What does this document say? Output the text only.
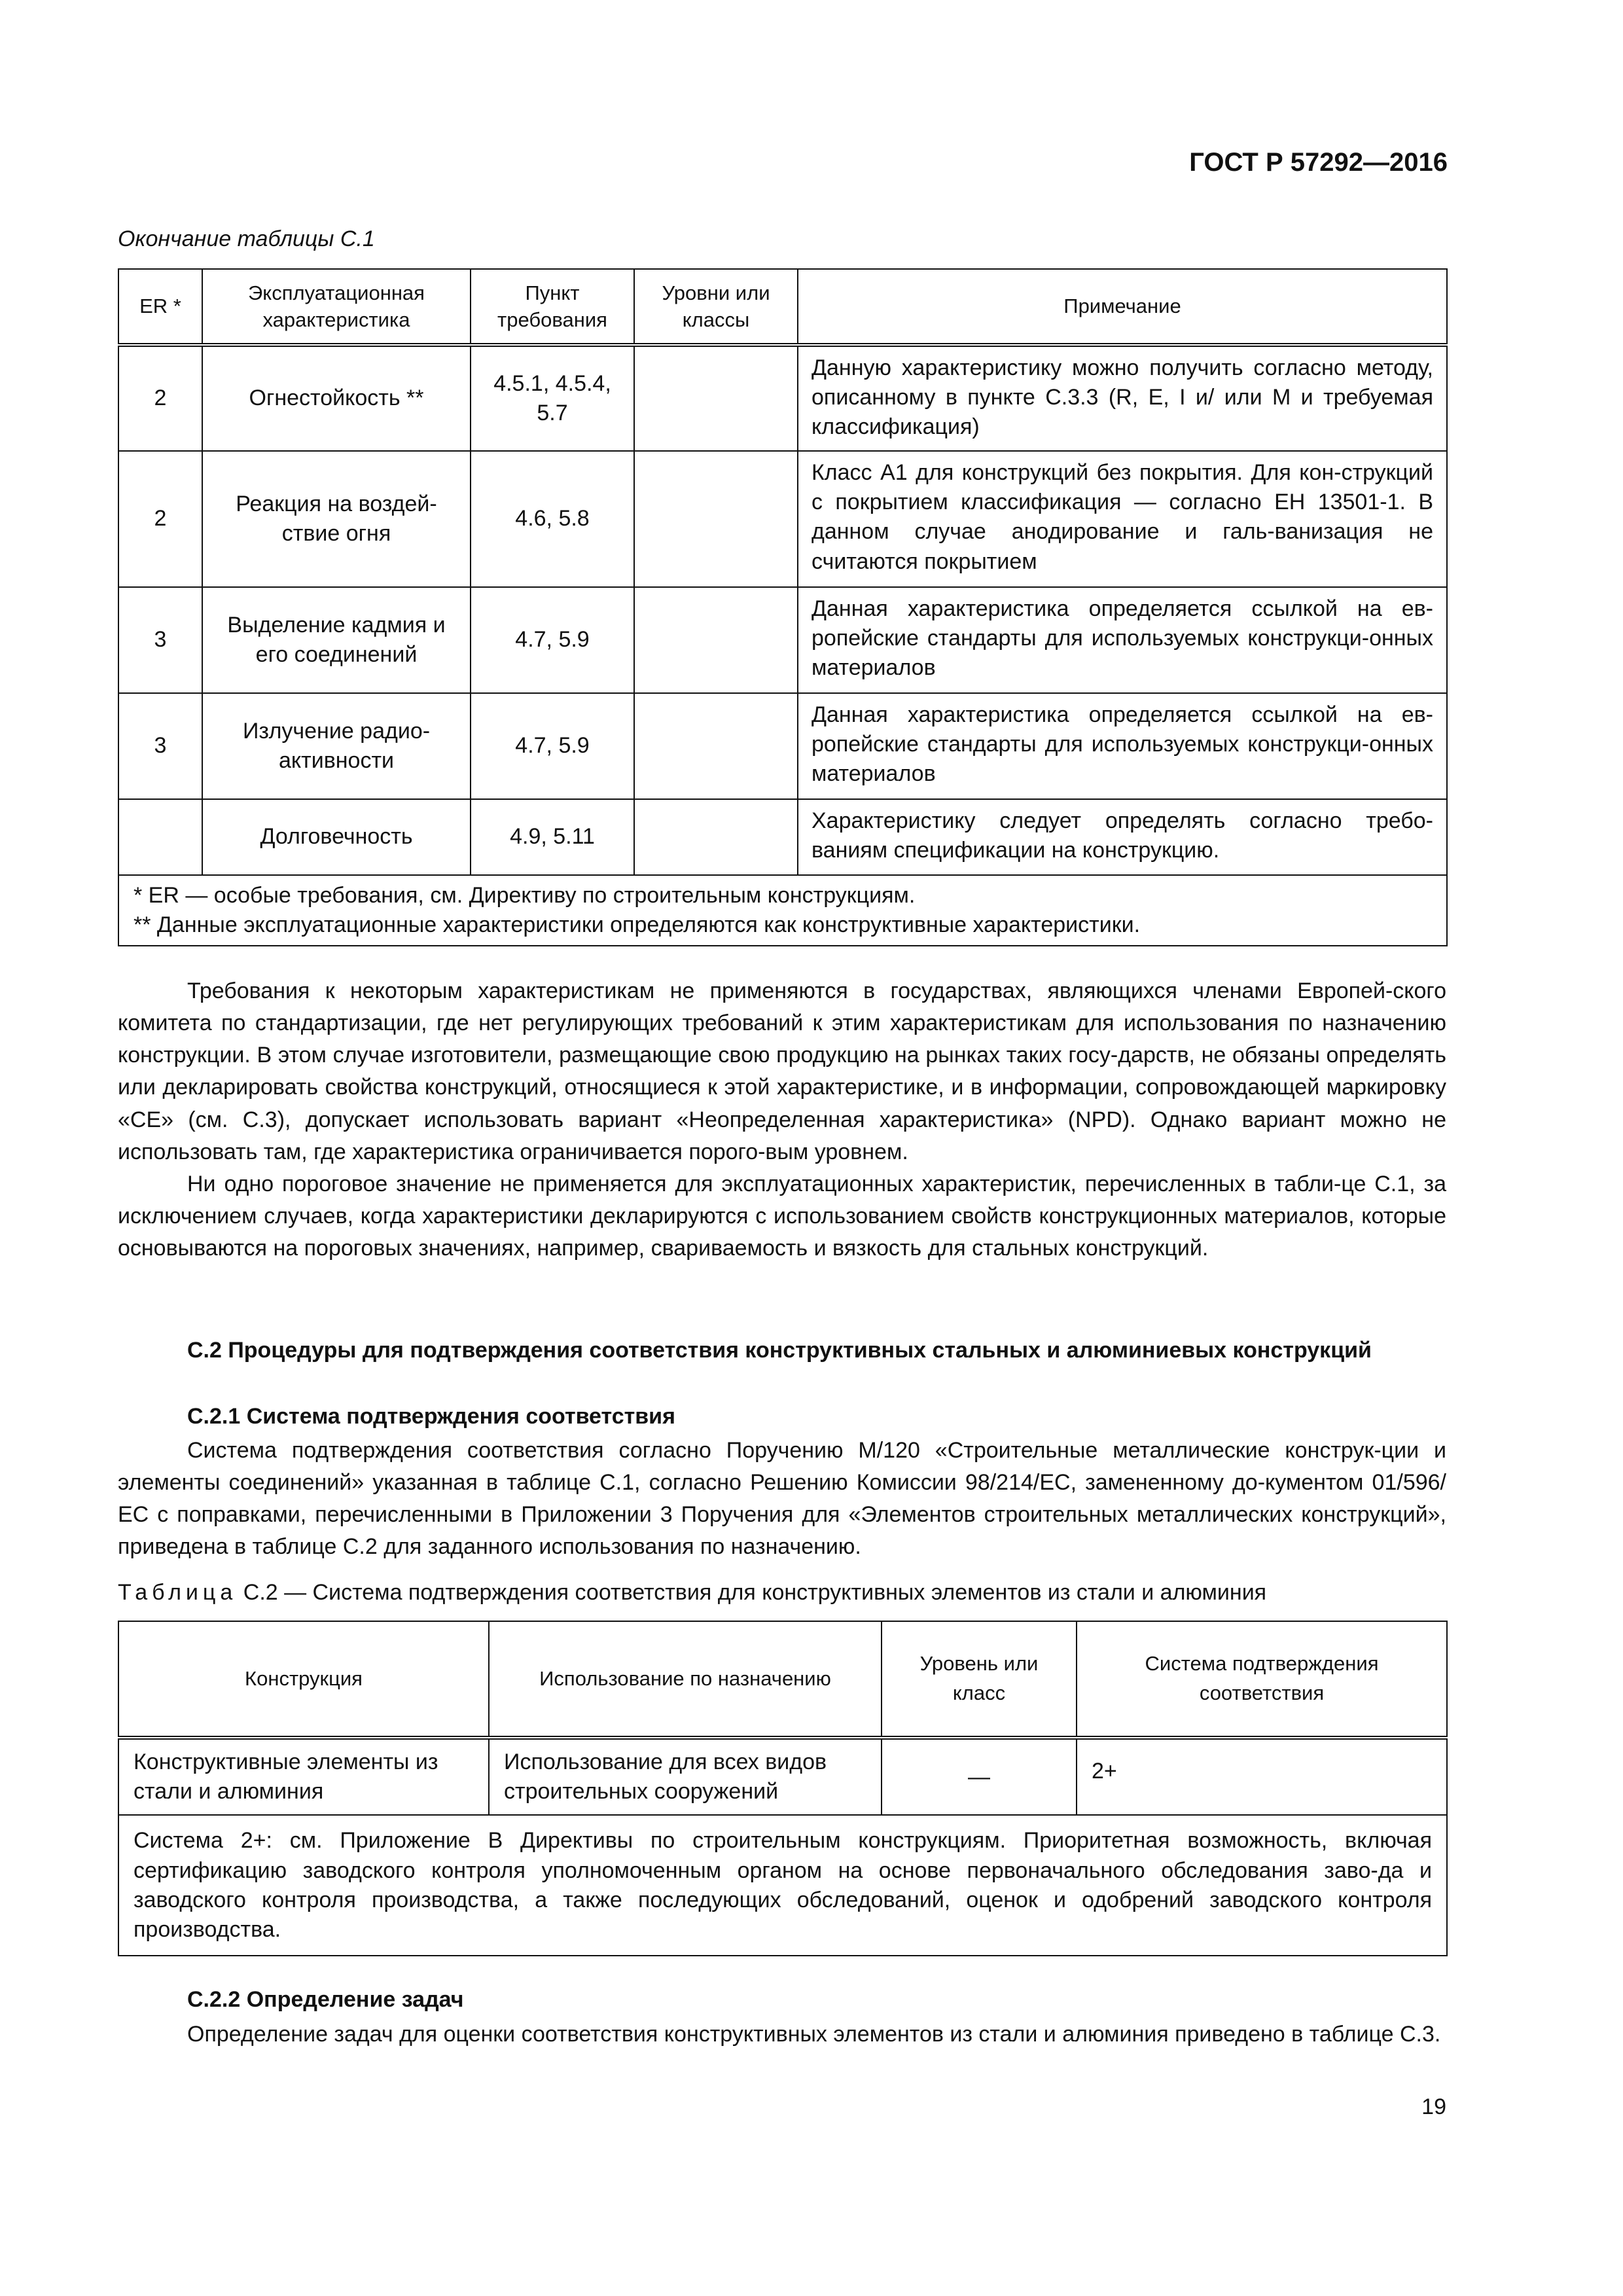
ГОСТ Р 57292—2016
Окончание таблицы С.1
ER *	Эксплуатационная характеристика	Пункт требования	Уровни или классы	Примечание
2	Огнестойкость **	4.5.1, 4.5.4, 5.7		Данную характеристику можно получить согласно методу, описанному в пункте С.3.3 (R, E, I и/ или M и требуемая классификация)
2	Реакция на воздей-ствие огня	4.6, 5.8		Класс А1 для конструкций без покрытия. Для кон-струкций с покрытием классификация — согласно ЕН 13501-1. В данном случае анодирование и галь-ванизация не считаются покрытием
3	Выделение кадмия и его соединений	4.7, 5.9		Данная характеристика определяется ссылкой на ев-ропейские стандарты для используемых конструкци-онных материалов
3	Излучение радио-активности	4.7, 5.9		Данная характеристика определяется ссылкой на ев-ропейские стандарты для используемых конструкци-онных материалов
	Долговечность	4.9, 5.11		Характеристику следует определять согласно требо-ваниям спецификации на конструкцию.

* ER — особые требования, см. Директиву по строительным конструкциям.
** Данные эксплуатационные характеристики определяются как конструктивные характеристики.				

Требования к некоторым характеристикам не применяются в государствах, являющихся членами Европей-ского комитета по стандартизации, где нет регулирующих требований к этим характеристикам для использования по назначению конструкции. В этом случае изготовители, размещающие свою продукцию на рынках таких госу-дарств, не обязаны определять или декларировать свойства конструкций, относящиеся к этой характеристике, и в информации, сопровождающей маркировку «СЕ» (см. С.3), допускает использовать вариант «Неопределенная характеристика» (NPD). Однако вариант можно не использовать там, где характеристика ограничивается порого-вым уровнем.

Ни одно пороговое значение не применяется для эксплуатационных характеристик, перечисленных в табли-це С.1, за исключением случаев, когда характеристики декларируются с использованием свойств конструкционных материалов, которые основываются на пороговых значениях, например, свариваемость и вязкость для стальных конструкций.

С.2 Процедуры для подтверждения соответствия конструктивных стальных и алюминиевых конструкций
С.2.1 Система подтверждения соответствия

Система подтверждения соответствия согласно Поручению М/120 «Строительные металлические конструк-ции и элементы соединений» указанная в таблице С.1, согласно Решению Комиссии 98/214/ЕС, замененному до-кументом 01/596/ЕС с поправками, перечисленными в Приложении 3 Поручения для «Элементов строительных металлических конструкций», приведена в таблице С.2 для заданного использования по назначению.

Таблица С.2 — Система подтверждения соответствия для конструктивных элементов из стали и алюминия
Конструкция	Использование по назначению	Уровень или класс	Система подтверждения соответствия
Конструктивные элементы из стали и алюминия	Использование для всех видов строительных сооружений	—	2+
Система 2+: см. Приложение В Директивы по строительным конструкциям. Приоритетная возможность, включая сертификацию заводского контроля уполномоченным органом на основе первоначального обследования заво-да и заводского контроля производства, а также последующих обследований, оценок и одобрений заводского контроля производства.			
С.2.2 Определение задач

Определение задач для оценки соответствия конструктивных элементов из стали и алюминия приведено в таблице С.3.

19
